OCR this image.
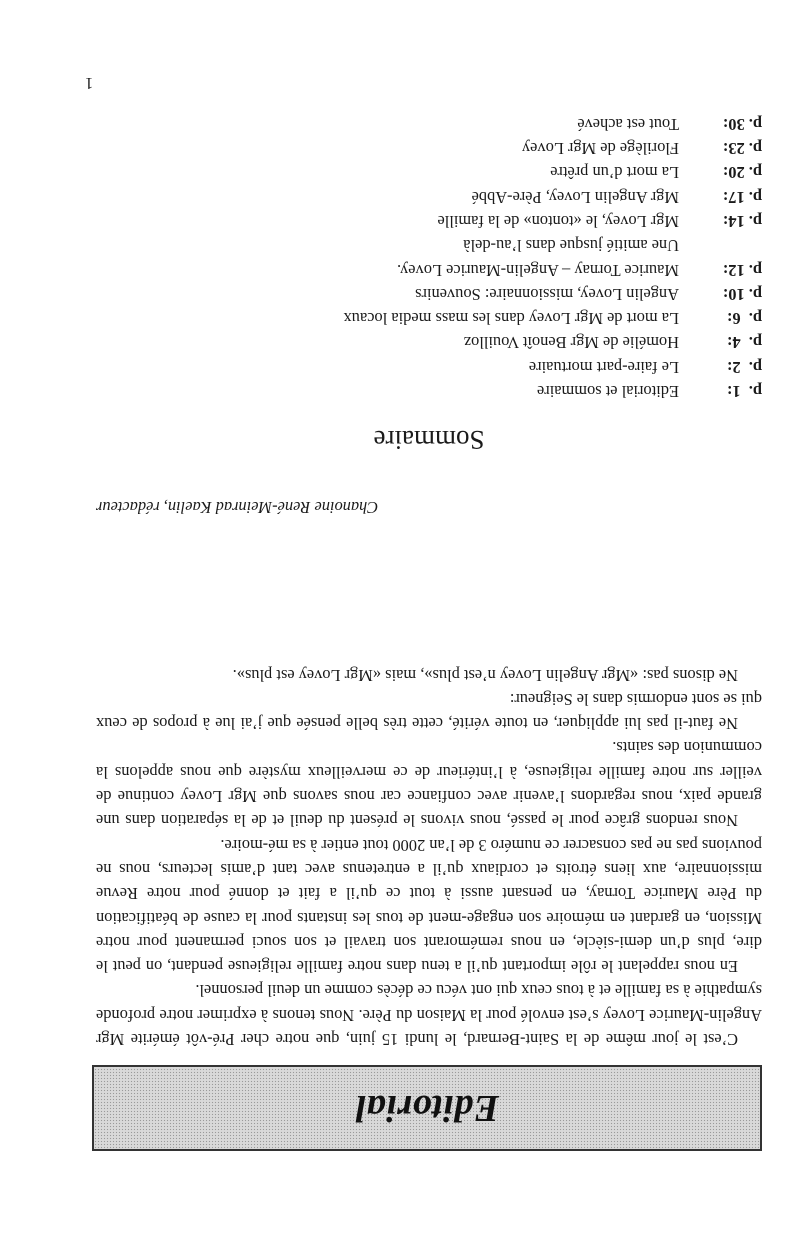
Editorial

C’est le jour même de la Saint-Bernard, le lundi 15 juin, que notre cher Pré-vôt émérite Mgr Angelin-Maurice Lovey s’est envolé pour la Maison du Père. Nous tenons à exprimer notre profonde sympathie à sa famille et à tous ceux qui ont vécu ce décès comme un deuil personnel.

En nous rappelant le rôle important qu’il a tenu dans notre famille religieuse pendant, on peut le dire, plus d’un demi-siècle, en nous remémorant son travail et son souci permanent pour notre Mission, en gardant en mémoire son engage-ment de tous les instants pour la cause de béatification du Père Maurice Tornay, en pensant aussi à tout ce qu’il a fait et donné pour notre Revue missionnaire, aux liens étroits et cordiaux qu’il a entretenus avec tant d’amis lecteurs, nous ne pouvions pas ne pas consacrer ce numéro 3 de l’an 2000 tout entier à sa mé-moire.

Nous rendons grâce pour le passé, nous vivons le présent du deuil et de la séparation dans une grande paix, nous regardons l’avenir avec confiance car nous savons que Mgr Lovey continue de veiller sur notre famille religieuse, à l’intérieur de ce merveilleux mystère que nous appelons la communion des saints.

Ne faut-il pas lui appliquer, en toute vérité, cette très belle pensée que j’ai lue à propos de ceux qui se sont endormis dans le Seigneur:

Ne disons pas: «Mgr Angelin Lovey n’est plus», mais «Mgr Lovey est plus».

Chanoine René-Meinrad Kaelin, rédacteur
Sommaire
p.  1:
Editorial et sommaire
p.  2:
Le faire-part mortuaire
p.  4:
Homélie de Mgr Benoît Vouilloz
p.  6:
La mort de Mgr Lovey dans les mass media locaux
p. 10:
Angelin Lovey, missionnaire: Souvenirs
p. 12:
Maurice Tornay – Angelin-Maurice Lovey.
Une amitié jusque dans l’au-delà
p. 14:
Mgr Lovey, le «tonton» de la famille
p. 17:
Mgr Angelin Lovey, Père-Abbé
p. 20:
La mort d’un prêtre
p. 23:
Florilège de Mgr Lovey
p. 30:
Tout est achevé
1
